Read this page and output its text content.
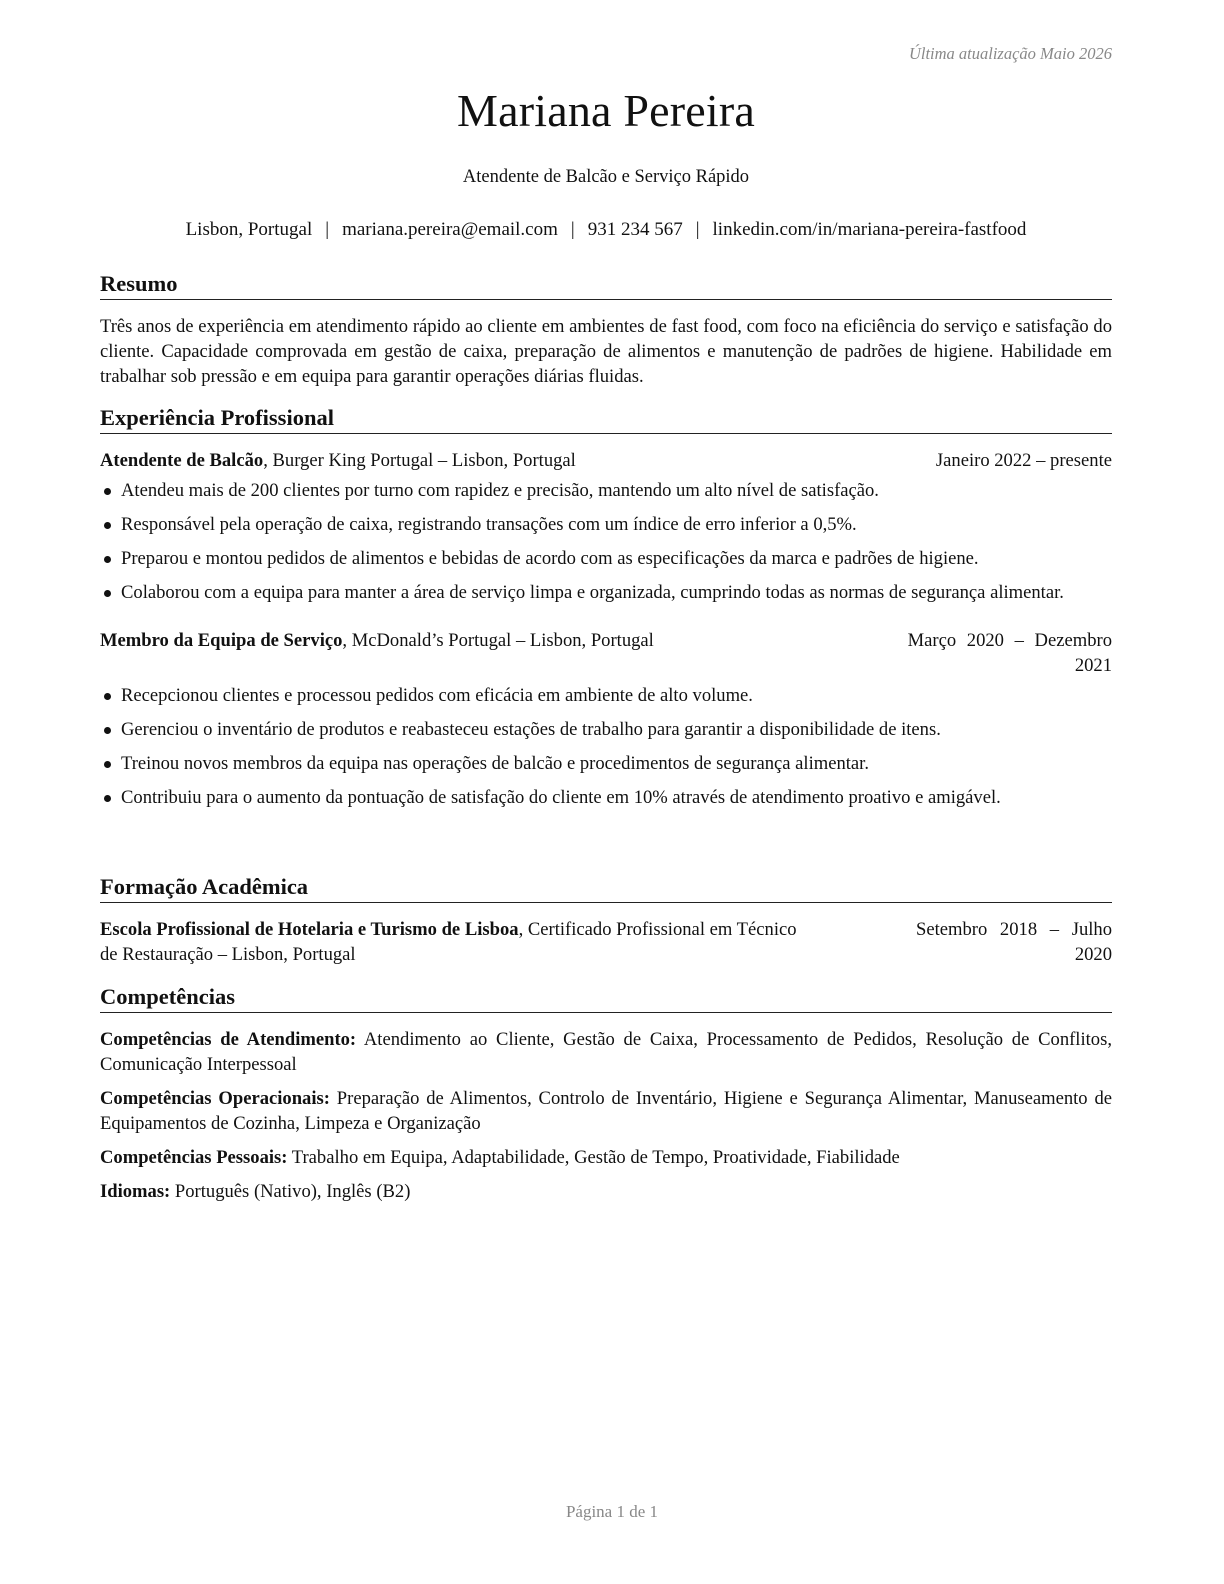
Última atualização Maio 2026
Mariana Pereira
Atendente de Balcão e Serviço Rápido
Lisbon, Portugal | mariana.pereira@email.com | 931 234 567 | linkedin.com/in/mariana-pereira-fastfood
Resumo
Três anos de experiência em atendimento rápido ao cliente em ambientes de fast food, com foco na eficiência do serviço e satisfação do cliente. Capacidade comprovada em gestão de caixa, preparação de alimentos e manutenção de padrões de higiene. Habilidade em trabalhar sob pressão e em equipa para garantir operações diárias fluidas.
Experiência Profissional
Atendente de Balcão, Burger King Portugal – Lisbon, Portugal	Janeiro 2022 – presente
Atendeu mais de 200 clientes por turno com rapidez e precisão, mantendo um alto nível de satisfação.
Responsável pela operação de caixa, registrando transações com um índice de erro inferior a 0,5%.
Preparou e montou pedidos de alimentos e bebidas de acordo com as especificações da marca e padrões de higiene.
Colaborou com a equipa para manter a área de serviço limpa e organizada, cumprindo todas as normas de segurança alimentar.
Membro da Equipa de Serviço, McDonald’s Portugal – Lisbon, Portugal	Março 2020 – Dezembro
2021
Recepcionou clientes e processou pedidos com eficácia em ambiente de alto volume.
Gerenciou o inventário de produtos e reabasteceu estações de trabalho para garantir a disponibilidade de itens.
Treinou novos membros da equipa nas operações de balcão e procedimentos de segurança alimentar.
Contribuiu para o aumento da pontuação de satisfação do cliente em 10% através de atendimento proativo e amigável.
Formação Acadêmica
Escola Profissional de Hotelaria e Turismo de Lisboa, Certificado Profissional em Técnico
de Restauração – Lisbon, Portugal
Setembro 2018 – Julho
2020
Competências
Competências de Atendimento: Atendimento ao Cliente, Gestão de Caixa, Processamento de Pedidos, Resolução de Conflitos, Comunicação Interpessoal
Competências Operacionais: Preparação de Alimentos, Controlo de Inventário, Higiene e Segurança Alimentar, Manuseamento de Equipamentos de Cozinha, Limpeza e Organização
Competências Pessoais: Trabalho em Equipa, Adaptabilidade, Gestão de Tempo, Proatividade, Fiabilidade
Idiomas: Português (Nativo), Inglês (B2)
Página 1 de 1
